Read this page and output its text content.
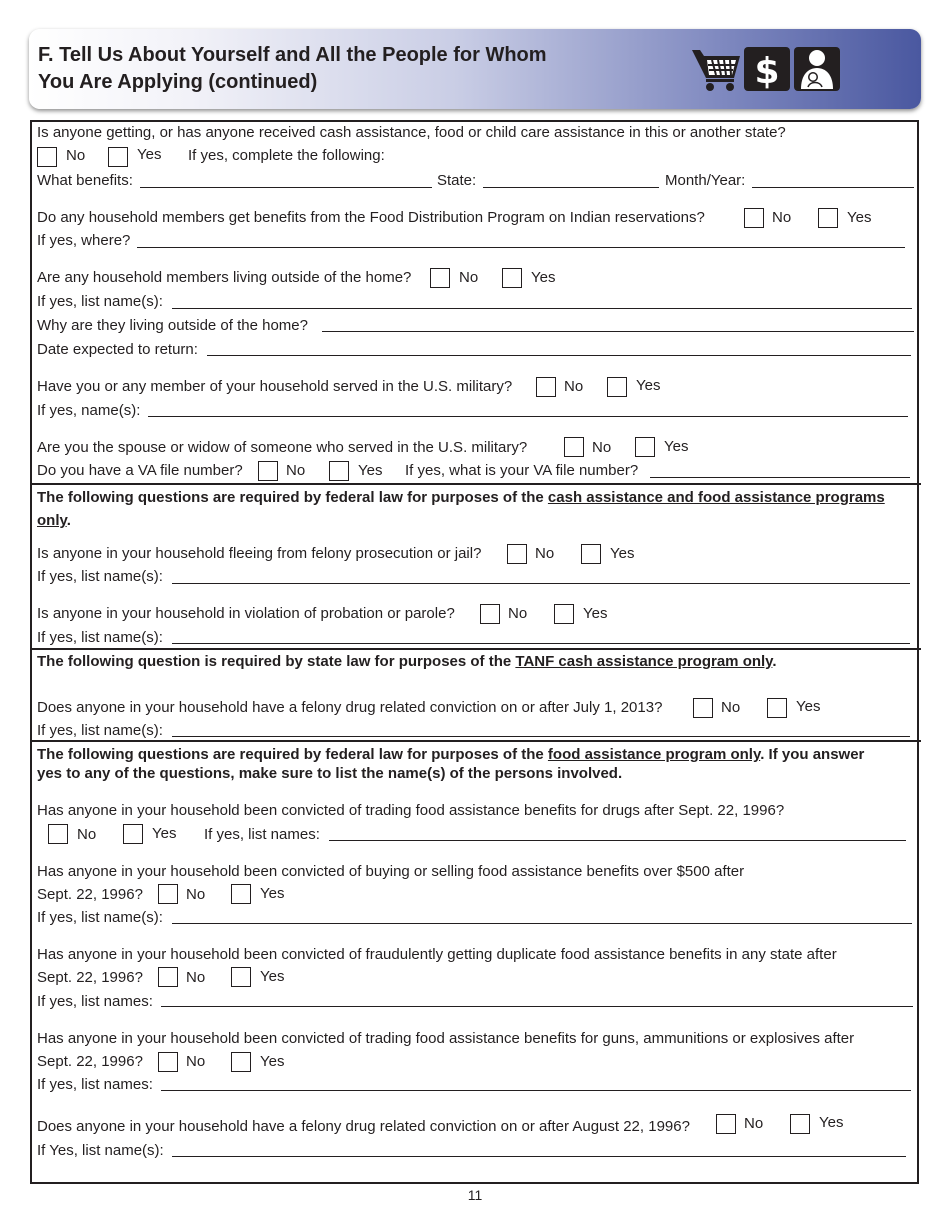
F. Tell Us About Yourself and All the People for Whom
You Are Applying (continued)	$
Is anyone getting, or has anyone received cash assistance, food or child care assistance in this or another state?
No	Yes If yes, complete the following:
What benefits:	State:	Month/Year:
Do any household members get benefits from the Food Distribution Program on Indian reservations?	No	Yes
If yes, where?
Are any household members living outside of the home?	No	Yes
If yes, list name(s):
Why are they living outside of the home?
Date expected to return:
Have you or any member of your household served in the U.S. military?	No	Yes
If yes, name(s):
Are you the spouse or widow of someone who served in the U.S. military?	No	Yes
Do you have a VA file number?	No	Yes If yes, what is your VA file number?
The following questions are required by federal law for purposes of the cash assistance and food assistance programs
only.
Is anyone in your household fleeing from felony prosecution or jail?	No	Yes
If yes, list name(s):
Is anyone in your household in violation of probation or parole?	No	Yes
If yes, list name(s):
The following question is required by state law for purposes of the TANF cash assistance program only.
Does anyone in your household have a felony drug related conviction on or after July 1, 2013?	No	Yes
If yes, list name(s):
The following questions are required by federal law for purposes of the food assistance program only. If you answer
yes to any of the questions, make sure to list the name(s) of the persons involved.
Has anyone in your household been convicted of trading food assistance benefits for drugs after Sept. 22, 1996?
No	Yes If yes, list names:
Has anyone in your household been convicted of buying or selling food assistance benefits over $500 after
Sept. 22, 1996?	No	Yes
If yes, list name(s):
Has anyone in your household been convicted of fraudulently getting duplicate food assistance benefits in any state after
Sept. 22, 1996?	No	Yes
If yes, list names:
Has anyone in your household been convicted of trading food assistance benefits for guns, ammunitions or explosives after
Sept. 22, 1996?	No	Yes
If yes, list names:
Does anyone in your household have a felony drug related conviction on or after August 22, 1996?	No	Yes
If Yes, list name(s):
11
